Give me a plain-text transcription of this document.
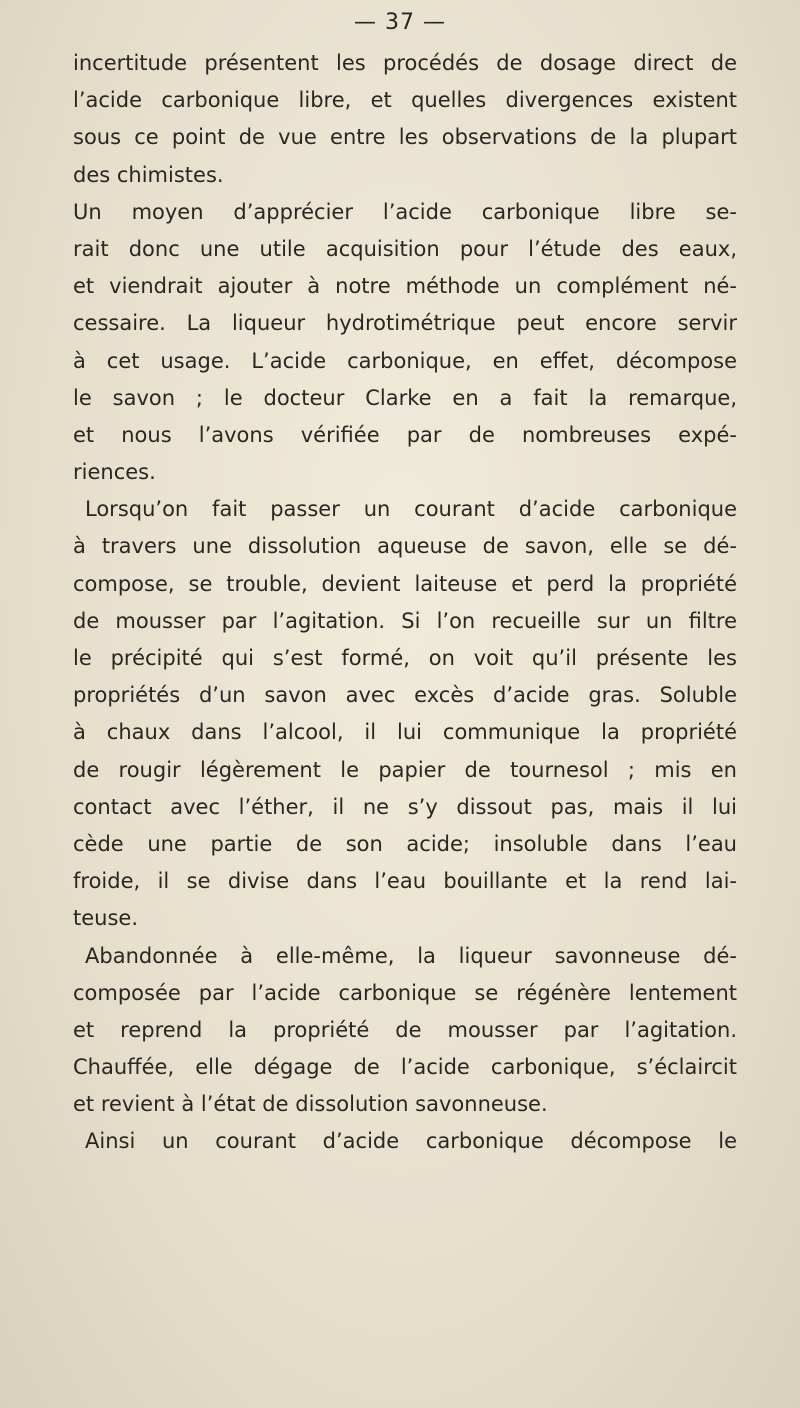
— 37 —
incertitude présentent les procédés de dosage direct de
l’acide carbonique libre, et quelles divergences existent
sous ce point de vue entre les observations de la plupart
des chimistes.
Un moyen d’apprécier l’acide carbonique libre se-
rait donc une utile acquisition pour l’étude des eaux,
et viendrait ajouter à notre méthode un complément né-
cessaire. La liqueur hydrotimétrique peut encore servir
à cet usage. L’acide carbonique, en effet, décompose
le savon ; le docteur Clarke en a fait la remarque,
et nous l’avons vérifiée par de nombreuses expé-
riences.
Lorsqu’on fait passer un courant d’acide carbonique
à travers une dissolution aqueuse de savon, elle se dé-
compose, se trouble, devient laiteuse et perd la propriété
de mousser par l’agitation. Si l’on recueille sur un filtre
le précipité qui s’est formé, on voit qu’il présente les
propriétés d’un savon avec excès d’acide gras. Soluble
à chaux dans l’alcool, il lui communique la propriété
de rougir légèrement le papier de tournesol ; mis en
contact avec l’éther, il ne s’y dissout pas, mais il lui
cède une partie de son acide; insoluble dans l’eau
froide, il se divise dans l’eau bouillante et la rend lai-
teuse.
Abandonnée à elle-même, la liqueur savonneuse dé-
composée par l’acide carbonique se régénère lentement
et reprend la propriété de mousser par l’agitation.
Chauffée, elle dégage de l’acide carbonique, s’éclaircit
et revient à l’état de dissolution savonneuse.
Ainsi un courant d’acide carbonique décompose le
